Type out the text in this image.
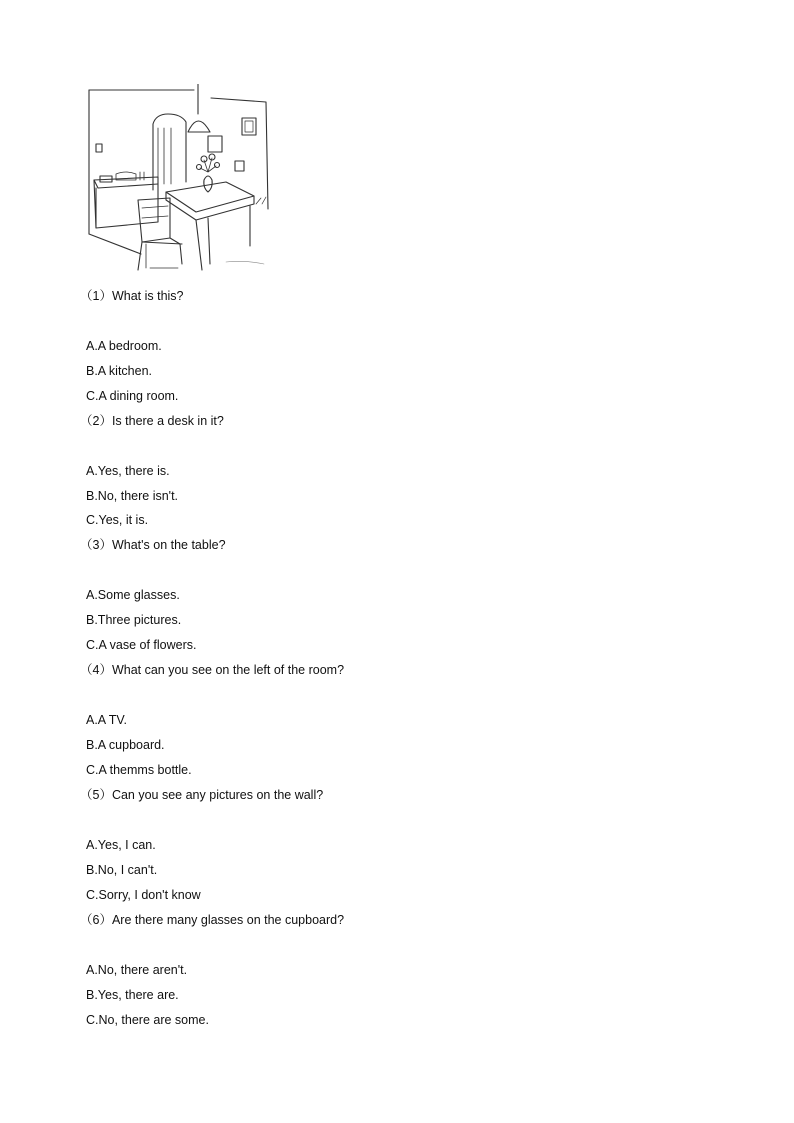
（1）What is this?
A.A bedroom.
B.A kitchen.
C.A dining room.
（2）Is there a desk in it?
A.Yes, there is.
B.No, there isn't.
C.Yes, it is.
（3）What's on the table?
A.Some glasses.
B.Three pictures.
C.A vase of flowers.
（4）What can you see on the left of the room?
A.A TV.
B.A cupboard.
C.A themms bottle.
（5）Can you see any pictures on the wall?
A.Yes, I can.
B.No, I can't.
C.Sorry, I don't know
（6）Are there many glasses on the cupboard?
A.No, there aren't.
B.Yes, there are.
C.No, there are some.
